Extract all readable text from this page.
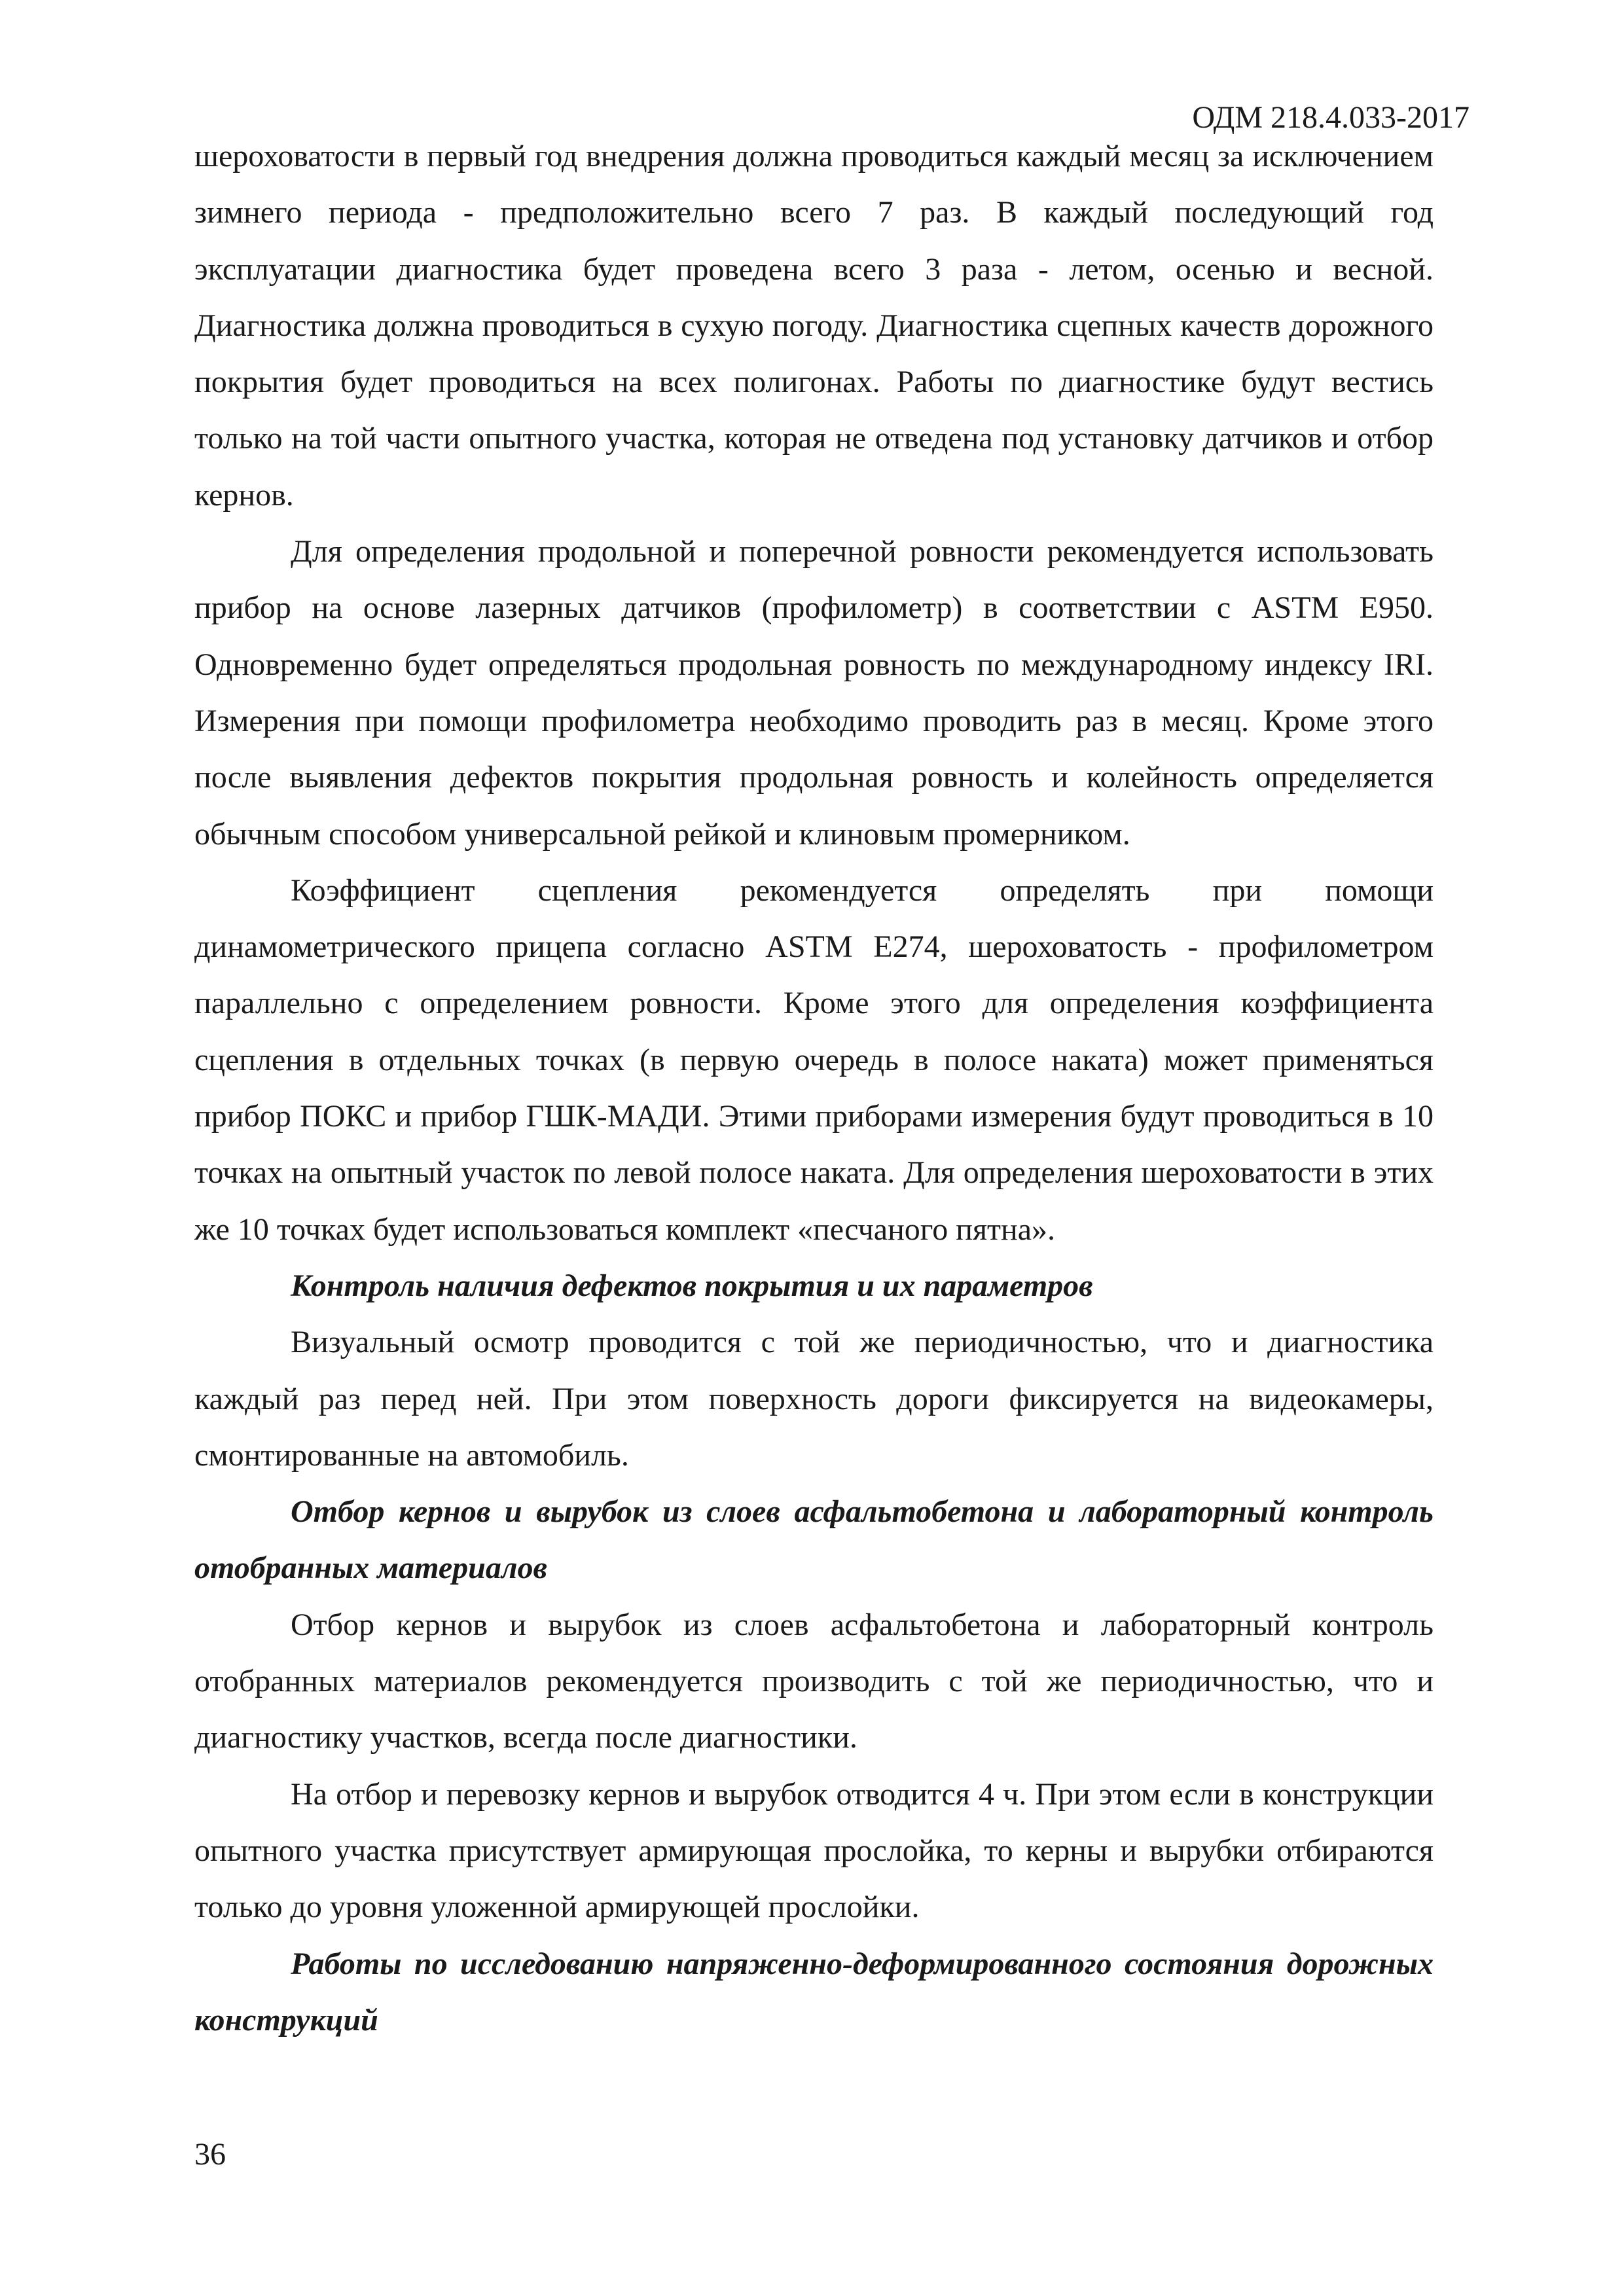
ОДМ 218.4.033-2017

шероховатости в первый год внедрения должна проводиться каждый месяц за исключением зимнего периода - предположительно всего 7 раз. В каждый последующий год эксплуатации диагностика будет проведена всего 3 раза - летом, осенью и весной. Диагностика должна проводиться в сухую погоду. Диагностика сцепных качеств дорожного покрытия будет проводиться на всех полигонах. Работы по диагностике будут вестись только на той части опытного участка, которая не отведена под установку датчиков и отбор кернов.

Для определения продольной и поперечной ровности рекомендуется использовать прибор на основе лазерных датчиков (профилометр) в соответствии с ASTM E950. Одновременно будет определяться продольная ровность по международному индексу IRI. Измерения при помощи профилометра необходимо проводить раз в месяц. Кроме этого после выявления дефектов покрытия продольная ровность и колейность определяется обычным способом универсальной рейкой и клиновым промерником.

Коэффициент сцепления рекомендуется определять при помощи динамометрического прицепа согласно ASTM E274, шероховатость - профилометром параллельно с определением ровности. Кроме этого для определения коэффициента сцепления в отдельных точках (в первую очередь в полосе наката) может применяться прибор ПОКС и прибор ГШК-МАДИ. Этими приборами измерения будут проводиться в 10 точках на опытный участок по левой полосе наката. Для определения шероховатости в этих же 10 точках будет использоваться комплект «песчаного пятна».

Контроль наличия дефектов покрытия и их параметров

Визуальный осмотр проводится с той же периодичностью, что и диагностика каждый раз перед ней. При этом поверхность дороги фиксируется на видеокамеры, смонтированные на автомобиль.

Отбор кернов и вырубок из слоев асфальтобетона и лабораторный контроль отобранных материалов

Отбор кернов и вырубок из слоев асфальтобетона и лабораторный контроль отобранных материалов рекомендуется производить с той же периодичностью, что и диагностику участков, всегда после диагностики.

На отбор и перевозку кернов и вырубок отводится 4 ч. При этом если в конструкции опытного участка присутствует армирующая прослойка, то керны и вырубки отбираются только до уровня уложенной армирующей прослойки.

Работы по исследованию напряженно-деформированного состояния дорожных конструкций

36
